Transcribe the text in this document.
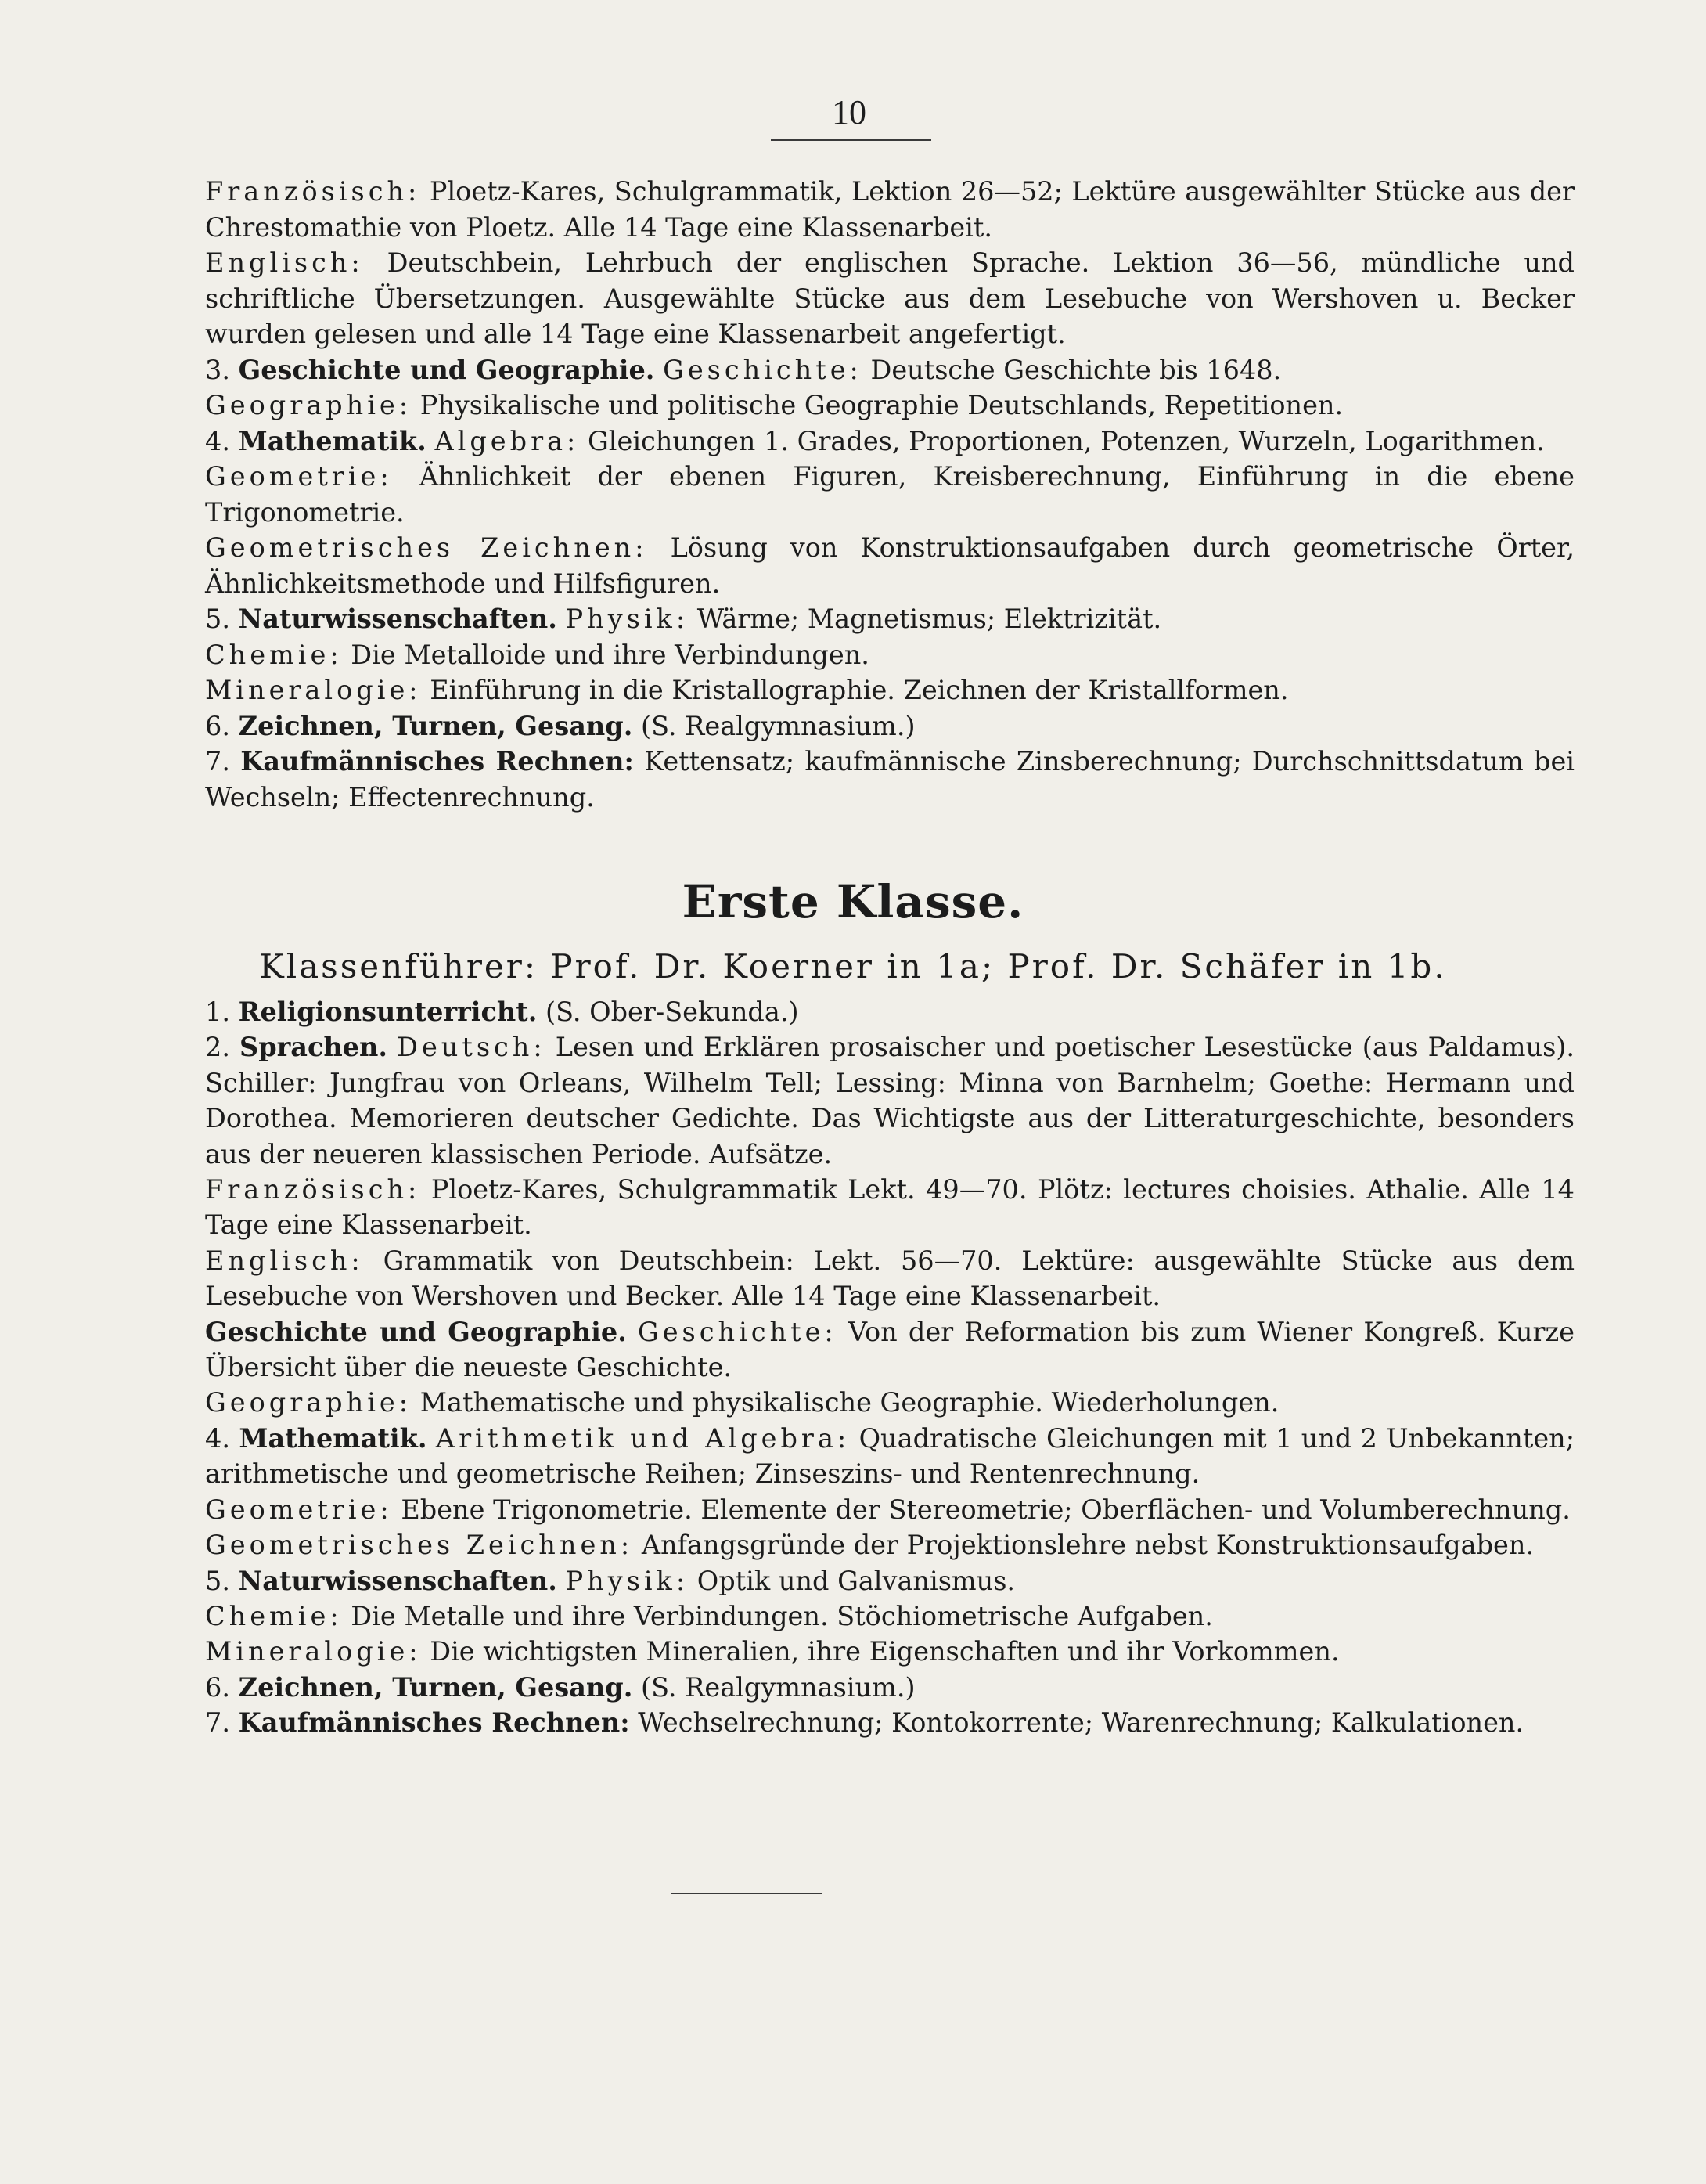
10

Französisch: Ploetz-Kares, Schulgrammatik, Lektion 26—52; Lektüre ausgewählter Stücke aus der Chrestomathie von Ploetz. Alle 14 Tage eine Klassenarbeit.

Englisch: Deutschbein, Lehrbuch der englischen Sprache. Lektion 36—56, mündliche und schriftliche Übersetzungen. Ausgewählte Stücke aus dem Lesebuche von Wershoven u. Becker wurden gelesen und alle 14 Tage eine Klassenarbeit angefertigt.

3. Geschichte und Geographie. Geschichte: Deutsche Geschichte bis 1648.

Geographie: Physikalische und politische Geographie Deutschlands, Repetitionen.

4. Mathematik. Algebra: Gleichungen 1. Grades, Proportionen, Potenzen, Wurzeln, Logarithmen.

Geometrie: Ähnlichkeit der ebenen Figuren, Kreisberechnung, Einführung in die ebene Trigonometrie.

Geometrisches Zeichnen: Lösung von Konstruktionsaufgaben durch geometrische Örter, Ähnlichkeitsmethode und Hilfsfiguren.

5. Naturwissenschaften. Physik: Wärme; Magnetismus; Elektrizität.

Chemie: Die Metalloide und ihre Verbindungen.

Mineralogie: Einführung in die Kristallographie. Zeichnen der Kristallformen.

6. Zeichnen, Turnen, Gesang. (S. Realgymnasium.)

7. Kaufmännisches Rechnen: Kettensatz; kaufmännische Zinsberechnung; Durchschnittsdatum bei Wechseln; Effectenrechnung.

Erste Klasse.
Klassenführer: Prof. Dr. Koerner in 1a; Prof. Dr. Schäfer in 1b.

1. Religionsunterricht. (S. Ober-Sekunda.)

2. Sprachen. Deutsch: Lesen und Erklären prosaischer und poetischer Lesestücke (aus Paldamus). Schiller: Jungfrau von Orleans, Wilhelm Tell; Lessing: Minna von Barnhelm; Goethe: Hermann und Dorothea. Memorieren deutscher Gedichte. Das Wichtigste aus der Litteraturgeschichte, besonders aus der neueren klassischen Periode. Aufsätze.

Französisch: Ploetz-Kares, Schulgrammatik Lekt. 49—70. Plötz: lectures choisies. Athalie. Alle 14 Tage eine Klassenarbeit.

Englisch: Grammatik von Deutschbein: Lekt. 56—70. Lektüre: ausgewählte Stücke aus dem Lesebuche von Wershoven und Becker. Alle 14 Tage eine Klassenarbeit.

Geschichte und Geographie. Geschichte: Von der Reformation bis zum Wiener Kongreß. Kurze Übersicht über die neueste Geschichte.

Geographie: Mathematische und physikalische Geographie. Wiederholungen.

4. Mathematik. Arithmetik und Algebra: Quadratische Gleichungen mit 1 und 2 Unbekannten; arithmetische und geometrische Reihen; Zinseszins- und Rentenrechnung.

Geometrie: Ebene Trigonometrie. Elemente der Stereometrie; Oberflächen- und Volumberechnung.

Geometrisches Zeichnen: Anfangsgründe der Projektionslehre nebst Konstruktionsaufgaben.

5. Naturwissenschaften. Physik: Optik und Galvanismus.

Chemie: Die Metalle und ihre Verbindungen. Stöchiometrische Aufgaben.

Mineralogie: Die wichtigsten Mineralien, ihre Eigenschaften und ihr Vorkommen.

6. Zeichnen, Turnen, Gesang. (S. Realgymnasium.)

7. Kaufmännisches Rechnen: Wechselrechnung; Kontokorrente; Warenrechnung; Kalkulationen.
